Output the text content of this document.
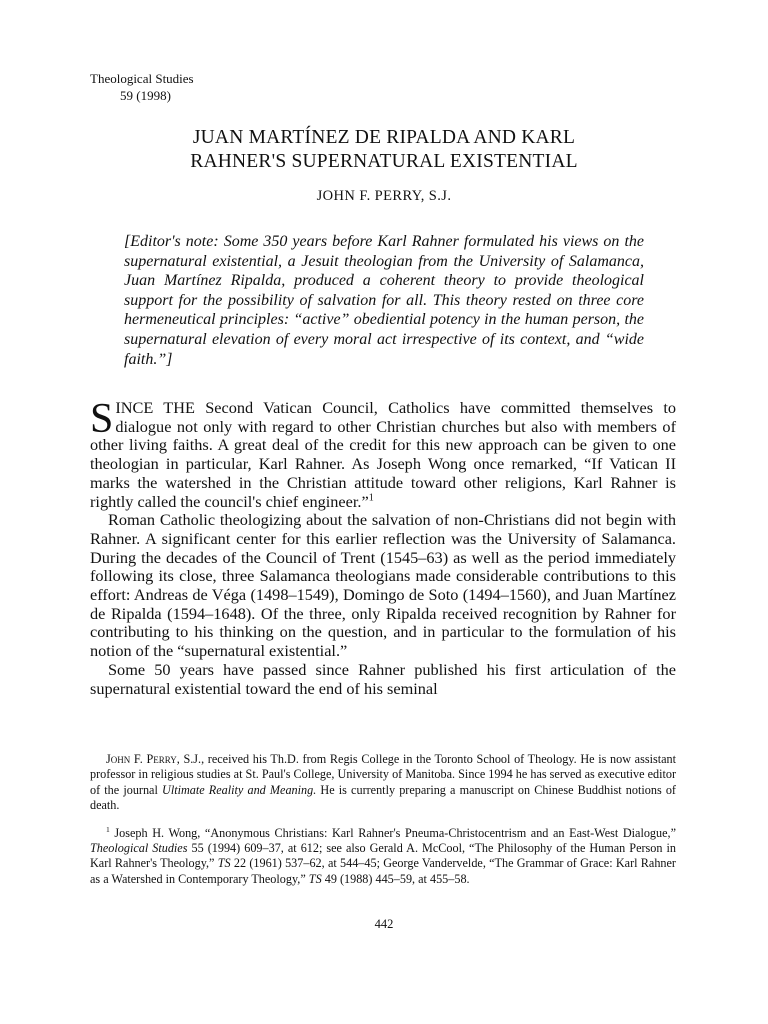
Theological Studies
59 (1998)
JUAN MARTÍNEZ DE RIPALDA AND KARL
RAHNER'S SUPERNATURAL EXISTENTIAL
JOHN F. PERRY, S.J.
[Editor's note: Some 350 years before Karl Rahner formulated his views on the supernatural existential, a Jesuit theologian from the University of Salamanca, Juan Martínez Ripalda, produced a coherent theory to provide theological support for the possibility of salvation for all. This theory rested on three core hermeneutical principles: “active” obediential potency in the human person, the supernatural elevation of every moral act irrespective of its context, and “wide faith.”]

SINCE THE Second Vatican Council, Catholics have committed themselves to dialogue not only with regard to other Christian churches but also with members of other living faiths. A great deal of the credit for this new approach can be given to one theologian in particular, Karl Rahner. As Joseph Wong once remarked, “If Vatican II marks the watershed in the Christian attitude toward other religions, Karl Rahner is rightly called the council's chief engineer.”$^1$

Roman Catholic theologizing about the salvation of non-Christians did not begin with Rahner. A significant center for this earlier reflection was the University of Salamanca. During the decades of the Council of Trent (1545–63) as well as the period immediately following its close, three Salamanca theologians made considerable contributions to this effort: Andreas de Véga (1498–1549), Domingo de Soto (1494–1560), and Juan Martínez de Ripalda (1594–1648). Of the three, only Ripalda received recognition by Rahner for contributing to his thinking on the question, and in particular to the formulation of his notion of the “supernatural existential.”

Some 50 years have passed since Rahner published his first articulation of the supernatural existential toward the end of his seminal

John F. Perry, S.J., received his Th.D. from Regis College in the Toronto School of Theology. He is now assistant professor in religious studies at St. Paul's College, University of Manitoba. Since 1994 he has served as executive editor of the journal Ultimate Reality and Meaning. He is currently preparing a manuscript on Chinese Buddhist notions of death.

$^1$ Joseph H. Wong, “Anonymous Christians: Karl Rahner's Pneuma-Christocentrism and an East-West Dialogue,” Theological Studies 55 (1994) 609–37, at 612; see also Gerald A. McCool, “The Philosophy of the Human Person in Karl Rahner's Theology,” TS 22 (1961) 537–62, at 544–45; George Vandervelde, “The Grammar of Grace: Karl Rahner as a Watershed in Contemporary Theology,” TS 49 (1988) 445–59, at 455–58.

442
